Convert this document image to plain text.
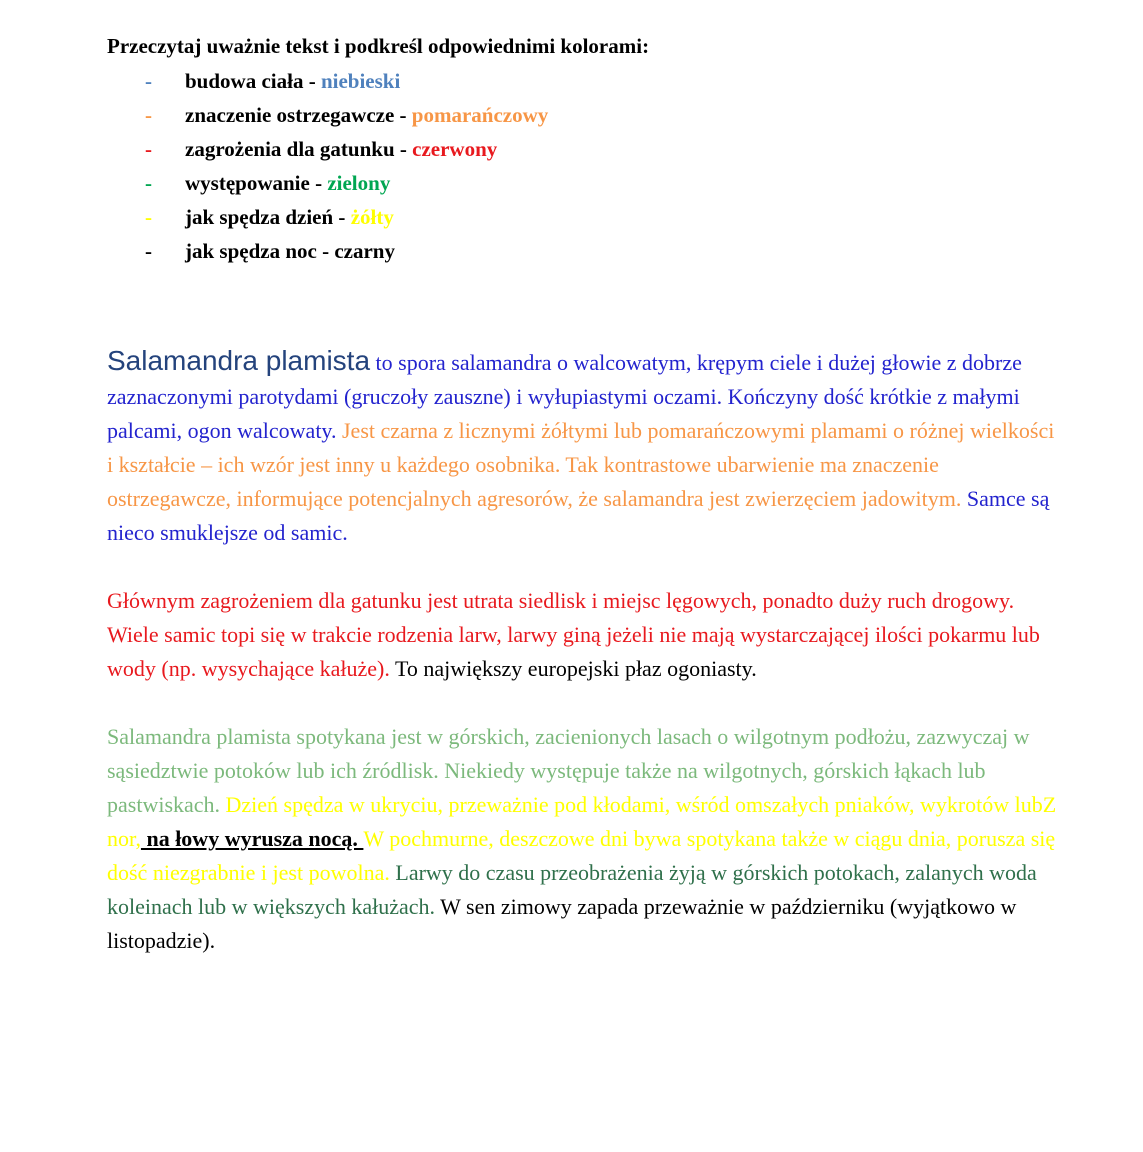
Przeczytaj uważnie tekst i podkreśl odpowiednimi kolorami:

- budowa ciała - niebieski
- znaczenie ostrzegawcze - pomarańczowy
- zagrożenia dla gatunku - czerwony
- występowanie - zielony
- jak spędza dzień - żółty
- jak spędza noc - czarny

Salamandra plamista to spora salamandra o walcowatym, krępym ciele i dużej głowie z dobrze zaznaczonymi parotydami (gruczoły zauszne) i wyłupiastymi oczami. Kończyny dość krótkie z małymi palcami, ogon walcowaty. Jest czarna z licznymi żółtymi lub pomarańczowymi plamami o różnej wielkości i kształcie – ich wzór jest inny u każdego osobnika. Tak kontrastowe ubarwienie ma znaczenie ostrzegawcze, informujące potencjalnych agresorów, że salamandra jest zwierzęciem jadowitym. Samce są nieco smuklejsze od samic.

Głównym zagrożeniem dla gatunku jest utrata siedlisk i miejsc lęgowych, ponadto duży ruch drogowy. Wiele samic topi się w trakcie rodzenia larw, larwy giną jeżeli nie mają wystarczającej ilości pokarmu lub wody (np. wysychające kałuże). To największy europejski płaz ogoniasty.

Salamandra plamista spotykana jest w górskich, zacienionych lasach o wilgotnym podłożu, zazwyczaj w sąsiedztwie potoków lub ich źródlisk. Niekiedy występuje także na wilgotnych, górskich łąkach lub pastwiskach. Dzień spędza w ukryciu, przeważnie pod kłodami, wśród omszałych pniaków, wykrotów lubZ nor, na łowy wyrusza nocą. W pochmurne, deszczowe dni bywa spotykana także w ciągu dnia, porusza się dość niezgrabnie i jest powolna. Larwy do czasu przeobrażenia żyją w górskich potokach, zalanych woda koleinach lub w większych kałużach. W sen zimowy zapada przeważnie w październiku (wyjątkowo w listopadzie).
